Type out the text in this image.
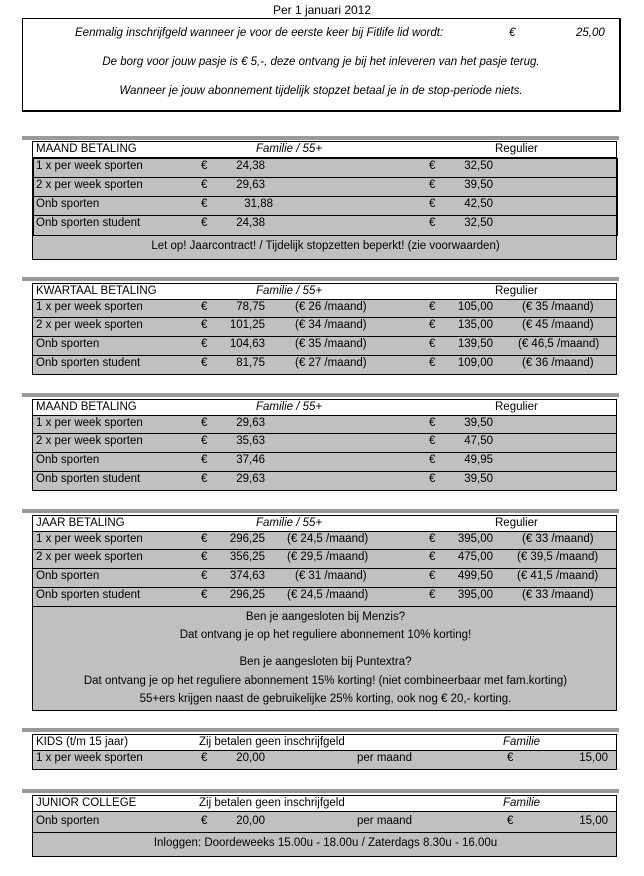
Per 1 januari 2012
Eenmalig inschrijfgeld wanneer je voor de eerste keer bij Fitlife lid wordt:	€	25,00
De borg voor jouw pasje is € 5,-, deze ontvang je bij het inleveren van het pasje terug.
Wanneer je jouw abonnement tijdelijk stopzet betaal je in de stop-periode niets.
MAAND BETALING	Familie / 55+	Regulier
1 x per week sporten	€	24,38	€	32,50
2 x per week sporten	€	29,63	€	39,50
Onb sporten	€	31,88	€	42,50
Onb sporten student	€	24,38	€	32,50
Let op! Jaarcontract! / Tijdelijk stopzetten beperkt! (zie voorwaarden)
KWARTAAL BETALING	Familie / 55+	Regulier
1 x per week sporten	€	78,75	(€ 26 /maand)	€	105,00	(€ 35 /maand)
2 x per week sporten	€	101,25	(€ 34 /maand)	€	135,00	(€ 45 /maand)
Onb sporten	€	104,63	(€ 35 /maand)	€	139,50 (€ 46,5 /maand)
Onb sporten student	€	81,75	(€ 27 /maand)	€	109,00	(€ 36 /maand)
MAAND BETALING	Familie / 55+	Regulier
1 x per week sporten	€	29,63	€	39,50
2 x per week sporten	€	35,63	€	47,50
Onb sporten	€	37,46	€	49,95
Onb sporten student	€	29,63	€	39,50
JAAR BETALING	Familie / 55+	Regulier
1 x per week sporten	€	296,25 (€ 24,5 /maand)	€	395,00	(€ 33 /maand)
2 x per week sporten	€	356,25 (€ 29,5 /maand)	€	475,00 (€ 39,5 /maand)
Onb sporten	€	374,63	(€ 31 /maand)	€	499,50 (€ 41,5 /maand)
Onb sporten student	€	296,25 (€ 24,5 /maand)	€	395,00	(€ 33 /maand)
Ben je aangesloten bij Menzis?
Dat ontvang je op het reguliere abonnement 10% korting!
Ben je aangesloten bij Puntextra?
Dat ontvang je op het reguliere abonnement 15% korting! (niet combineerbaar met fam.korting)
55+ers krijgen naast de gebruikelijke 25% korting, ook nog € 20,- korting.
KIDS (t/m 15 jaar)	Zij betalen geen inschrijfgeld	Familie
1 x per week sporten	€	20,00	per maand	€	15,00
JUNIOR COLLEGE	Zij betalen geen inschrijfgeld	Familie
Onb sporten	€	20,00	per maand	€	15,00
Inloggen: Doordeweeks 15.00u - 18.00u / Zaterdags 8.30u - 16.00u
